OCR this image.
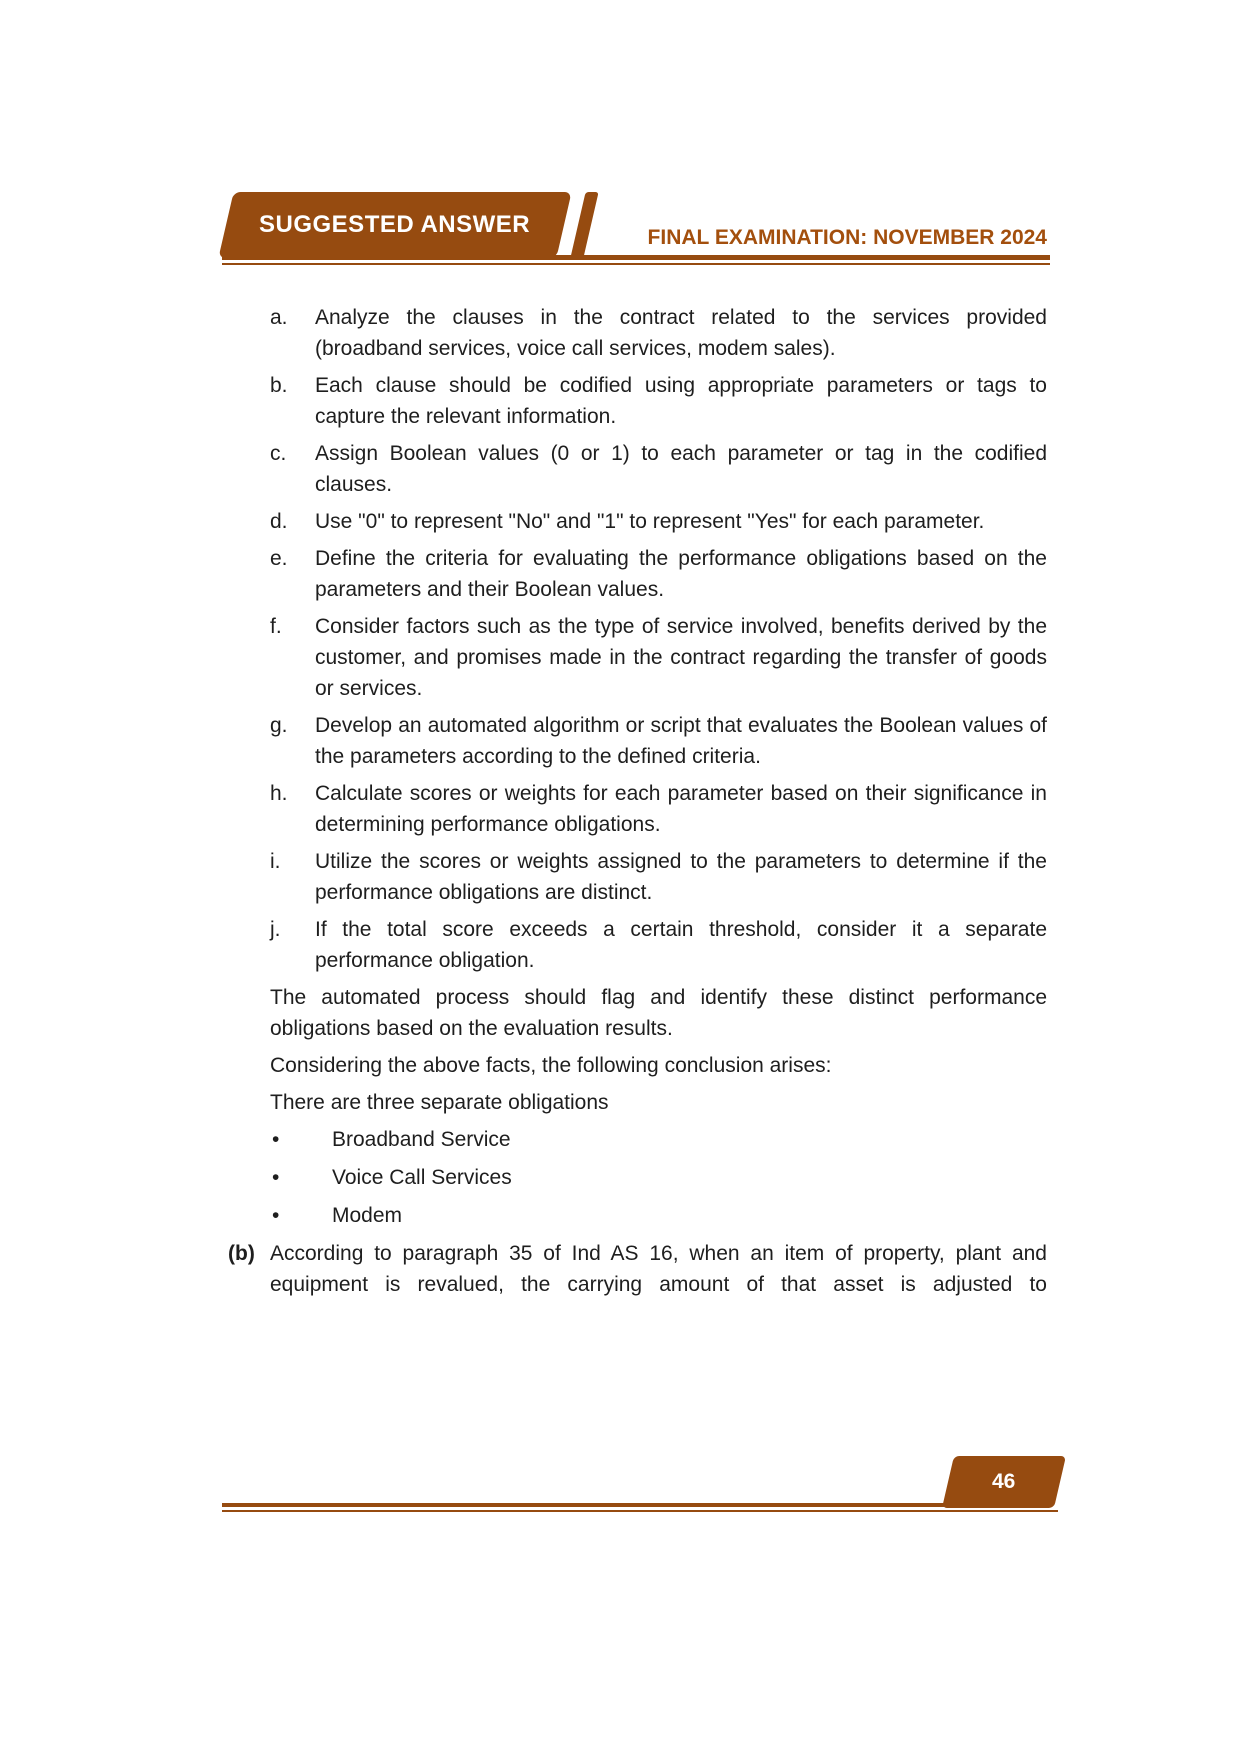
SUGGESTED ANSWER	FINAL EXAMINATION: NOVEMBER 2024
a. Analyze the clauses in the contract related to the services provided (broadband services, voice call services, modem sales).
b. Each clause should be codified using appropriate parameters or tags to capture the relevant information.
c. Assign Boolean values (0 or 1) to each parameter or tag in the codified clauses.
d. Use "0" to represent "No" and "1" to represent "Yes" for each parameter.
e. Define the criteria for evaluating the performance obligations based on the parameters and their Boolean values.
f. Consider factors such as the type of service involved, benefits derived by the customer, and promises made in the contract regarding the transfer of goods or services.
g. Develop an automated algorithm or script that evaluates the Boolean values of the parameters according to the defined criteria.
h. Calculate scores or weights for each parameter based on their significance in determining performance obligations.
i. Utilize the scores or weights assigned to the parameters to determine if the performance obligations are distinct.
j. If the total score exceeds a certain threshold, consider it a separate performance obligation.

The automated process should flag and identify these distinct performance obligations based on the evaluation results.

Considering the above facts, the following conclusion arises:

There are three separate obligations

•	Broadband Service
•	Voice Call Services
•	Modem
(b) According to paragraph 35 of Ind AS 16, when an item of property, plant and equipment is revalued, the carrying amount of that asset is adjusted to
46
